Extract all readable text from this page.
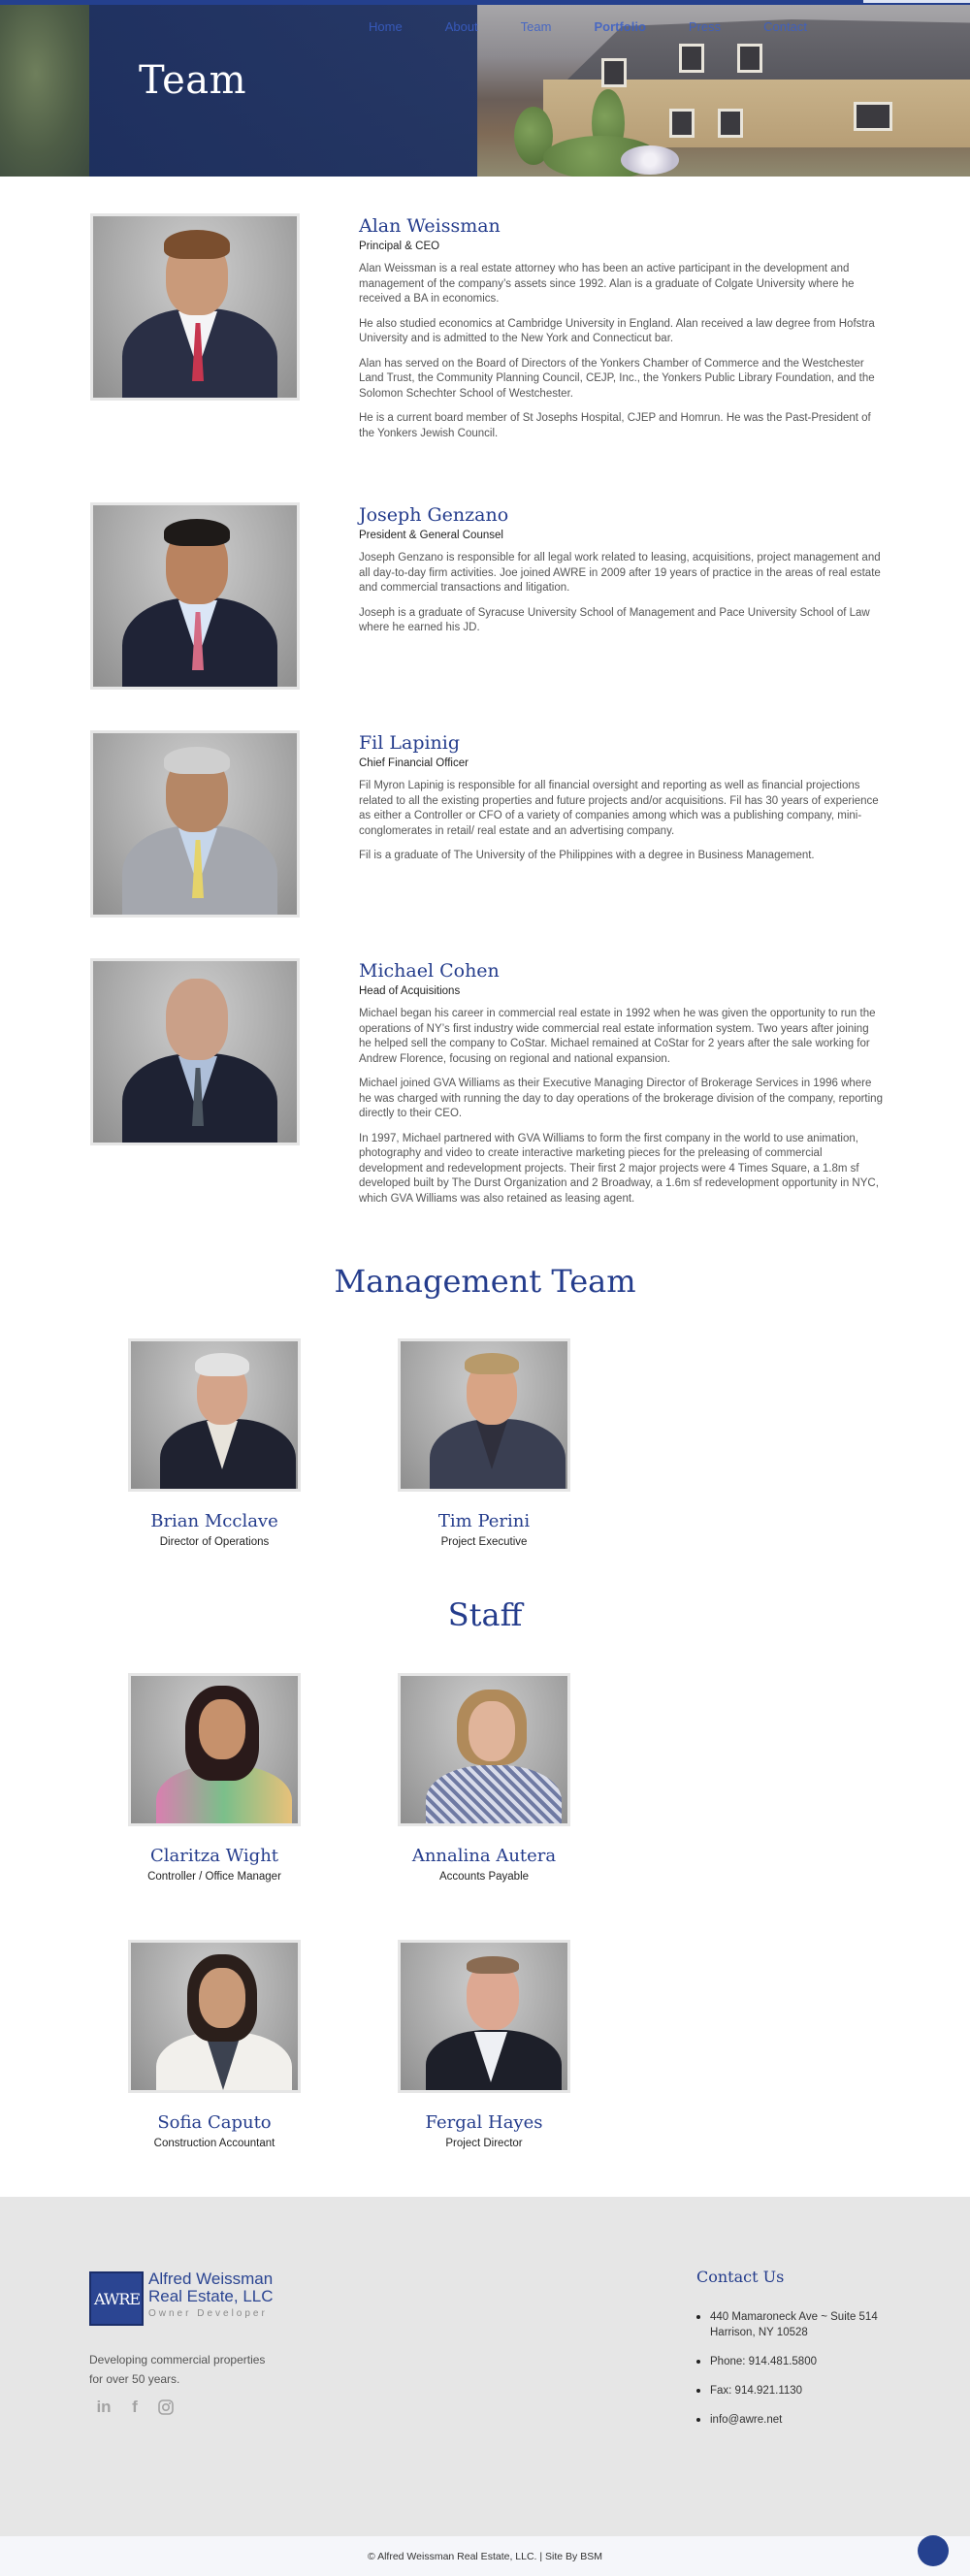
Home	About	Team	Portfolio	Press	Contact
Team
Alan Weissman
Principal & CEO

Alan Weissman is a real estate attorney who has been an active participant in the development and management of the company’s assets since 1992. Alan is a graduate of Colgate University where he received a BA in economics.

He also studied economics at Cambridge University in England. Alan received a law degree from Hofstra University and is admitted to the New York and Connecticut bar.

Alan has served on the Board of Directors of the Yonkers Chamber of Commerce and the Westchester Land Trust, the Community Planning Council, CEJP, Inc., the Yonkers Public Library Foundation, and the Solomon Schechter School of Westchester.

He is a current board member of St Josephs Hospital, CJEP and Homrun. He was the Past-President of the Yonkers Jewish Council.

Joseph Genzano
President & General Counsel

Joseph Genzano is responsible for all legal work related to leasing, acquisitions, project management and all day-to-day firm activities. Joe joined AWRE in 2009 after 19 years of practice in the areas of real estate and commercial transactions and litigation.

Joseph is a graduate of Syracuse University School of Management and Pace University School of Law where he earned his JD.

Fil Lapinig
Chief Financial Officer

Fil Myron Lapinig is responsible for all financial oversight and reporting as well as financial projections related to all the existing properties and future projects and/or acquisitions. Fil has 30 years of experience as either a Controller or CFO of a variety of companies among which was a publishing company, mini-conglomerates in retail/ real estate and an advertising company.

Fil is a graduate of The University of the Philippines with a degree in Business Management.

Michael Cohen
Head of Acquisitions

Michael began his career in commercial real estate in 1992 when he was given the opportunity to run the operations of NY’s first industry wide commercial real estate information system. Two years after joining he helped sell the company to CoStar. Michael remained at CoStar for 2 years after the sale working for Andrew Florence, focusing on regional and national expansion.

Michael joined GVA Williams as their Executive Managing Director of Brokerage Services in 1996 where he was charged with running the day to day operations of the brokerage division of the company, reporting directly to their CEO.

In 1997, Michael partnered with GVA Williams to form the first company in the world to use animation, photography and video to create interactive marketing pieces for the preleasing of commercial development and redevelopment projects. Their first 2 major projects were 4 Times Square, a 1.8m sf developed built by The Durst Organization and 2 Broadway, a 1.6m sf redevelopment opportunity in NYC, which GVA Williams was also retained as leasing agent.

Management Team
Brian Mcclave
Director of Operations
Tim Perini
Project Executive
Staff
Claritza Wight
Controller / Office Manager
Annalina Autera
Accounts Payable
Sofia Caputo
Construction Accountant
Fergal Hayes
Project Director
AWRE
Alfred Weissman
Real Estate, LLC
Owner Developer
Developing commercial properties
for over 50 years.
in	f
Contact Us
440 Mamaroneck Ave ~ Suite 514
Harrison, NY 10528
Phone: 914.481.5800
Fax: 914.921.1130
info@awre.net
© Alfred Weissman Real Estate, LLC. | Site By BSM
